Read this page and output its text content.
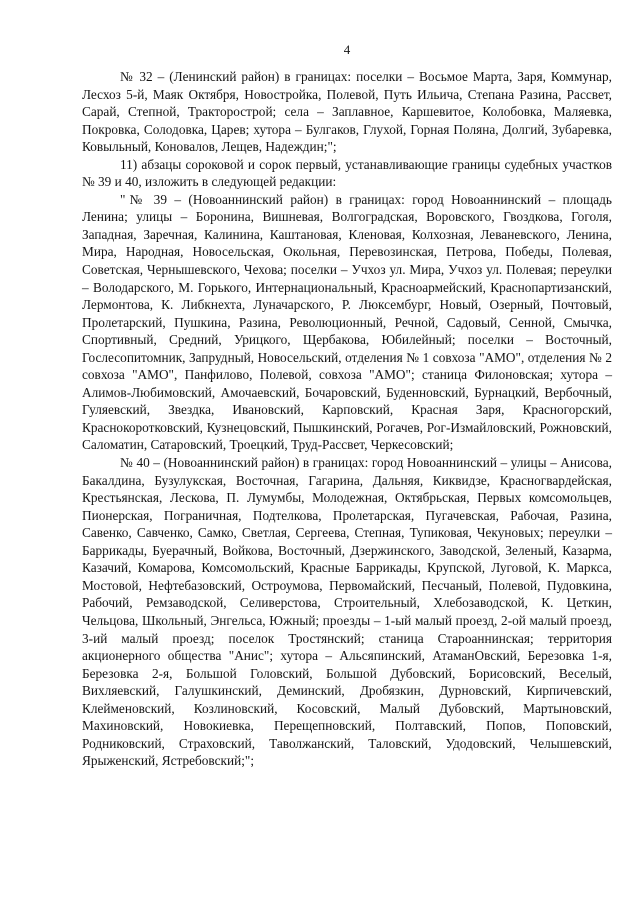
4

№ 32 – (Ленинский район) в границах: поселки – Восьмое Марта, Заря, Коммунар, Лесхоз 5-й, Маяк Октября, Новостройка, Полевой, Путь Ильича, Степана Разина, Рассвет, Сарай, Степной, Тракторострой; села – Заплавное, Каршевитое, Колобовка, Маляевка, Покровка, Солодовка, Царев; хутора – Булгаков, Глухой, Горная Поляна, Долгий, Зубаревка, Ковыльный, Коновалов, Лещев, Надеждин;";

11) абзацы сороковой и сорок первый, устанавливающие границы судебных участков № 39 и 40, изложить в следующей редакции:

"№ 39 – (Новоаннинский район) в границах: город Новоаннинский – площадь Ленина; улицы – Боронина, Вишневая, Волгоградская, Воровского, Гвоздкова, Гоголя, Западная, Заречная, Калинина, Каштановая, Кленовая, Колхозная, Леваневского, Ленина, Мира, Народная, Новосельская, Окольная, Перевозинская, Петрова, Победы, Полевая, Советская, Чернышевского, Чехова; поселки – Учхоз ул. Мира, Учхоз ул. Полевая; переулки – Володарского, М. Горького, Интернациональный, Красноармейский, Краснопартизанский, Лермонтова, К. Либкнехта, Луначарского, Р. Люксембург, Новый, Озерный, Почтовый, Пролетарский, Пушкина, Разина, Революционный, Речной, Садовый, Сенной, Смычка, Спортивный, Средний, Урицкого, Щербакова, Юбилейный; поселки – Восточный, Гослесопитомник, Запрудный, Новосельский, отделения № 1 совхоза "АМО", отделения № 2 совхоза "АМО", Панфилово, Полевой, совхоза "АМО"; станица Филоновская; хутора – Алимов-Любимовский, Амочаевский, Бочаровский, Буденновский, Бурнацкий, Вербочный, Гуляевский, Звездка, Ивановский, Карповский, Красная Заря, Красногорский, Краснокоротковский, Кузнецовский, Пышкинский, Рогачев, Рог-Измайловский, Рожновский, Саломатин, Сатаровский, Троецкий, Труд-Рассвет, Черкесовский;

№ 40 – (Новоаннинский район) в границах: город Новоаннинский – улицы – Анисова, Бакалдина, Бузулукская, Восточная, Гагарина, Дальняя, Киквидзе, Красногвардейская, Крестьянская, Лескова, П. Лумумбы, Молодежная, Октябрьская, Первых комсомольцев, Пионерская, Пограничная, Подтелкова, Пролетарская, Пугачевская, Рабочая, Разина, Савенко, Савченко, Самко, Светлая, Сергеева, Степная, Тупиковая, Чекуновых; переулки – Баррикады, Буерачный, Войкова, Восточный, Дзержинского, Заводской, Зеленый, Казарма, Казачий, Комарова, Комсомольский, Красные Баррикады, Крупской, Луговой, К. Маркса, Мостовой, Нефтебазовский, Остроумова, Первомайский, Песчаный, Полевой, Пудовкина, Рабочий, Ремзаводской, Селиверстова, Строительный, Хлебозаводской, К. Цеткин, Чельцова, Школьный, Энгельса, Южный; проезды – 1-ый малый проезд, 2-ой малый проезд, 3-ий малый проезд; поселок Тростянский; станица Староаннинская; территория акционерного общества "Анис"; хутора – Альсяпинский, АтаманОвский, Березовка 1-я, Березовка 2-я, Большой Головский, Большой Дубовский, Борисовский, Веселый, Вихляевский, Галушкинский, Деминский, Дробязкин, Дурновский, Кирпичевский, Клейменовский, Козлиновский, Косовский, Малый Дубовский, Мартыновский, Махиновский, Новокиевка, Перещепновский, Полтавский, Попов, Поповский, Родниковский, Страховский, Таволжанский, Таловский, Удодовский, Челышевский, Ярыженский, Ястребовский;";
